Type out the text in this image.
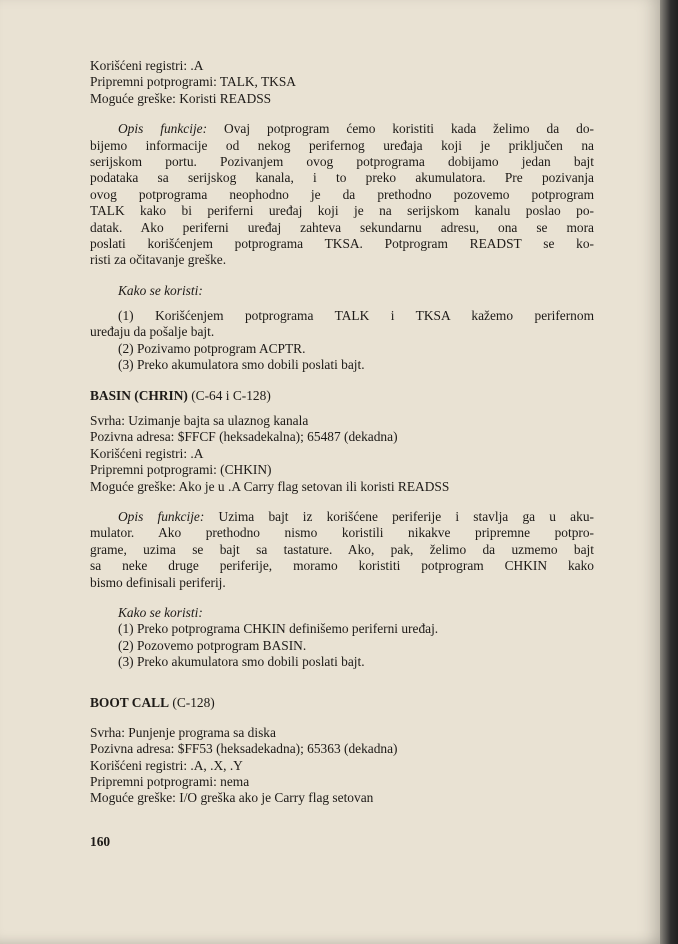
Korišćeni registri: .A
Pripremni potprogrami: TALK, TKSA
Moguće greške: Koristi READSS
Opis funkcije: Ovaj potprogram ćemo koristiti kada želimo da do-
bijemo informacije od nekog perifernog uređaja koji je priključen na
serijskom portu. Pozivanjem ovog potprograma dobijamo jedan bajt
podataka sa serijskog kanala, i to preko akumulatora. Pre pozivanja
ovog potprograma neophodno je da prethodno pozovemo potprogram
TALK kako bi periferni uređaj koji je na serijskom kanalu poslao po-
datak. Ako periferni uređaj zahteva sekundarnu adresu, ona se mora
poslati korišćenjem potprograma TKSA. Potprogram READST se ko-
risti za očitavanje greške.
Kako se koristi:
(1) Korišćenjem potprograma TALK i TKSA kažemo perifernom
uređaju da pošalje bajt.
(2) Pozivamo potprogram ACPTR.
(3) Preko akumulatora smo dobili poslati bajt.
BASIN (CHRIN) (C-64 i C-128)
Svrha: Uzimanje bajta sa ulaznog kanala
Pozivna adresa: $FFCF (heksadekalna); 65487 (dekadna)
Korišćeni registri: .A
Pripremni potprogrami: (CHKIN)
Moguće greške: Ako je u .A Carry flag setovan ili koristi READSS
Opis funkcije: Uzima bajt iz korišćene periferije i stavlja ga u aku-
mulator. Ako prethodno nismo koristili nikakve pripremne potpro-
grame, uzima se bajt sa tastature. Ako, pak, želimo da uzmemo bajt
sa neke druge periferije, moramo koristiti potprogram CHKIN kako
bismo definisali periferij.
Kako se koristi:
(1) Preko potprograma CHKIN definišemo periferni uređaj.
(2) Pozovemo potprogram BASIN.
(3) Preko akumulatora smo dobili poslati bajt.
BOOT CALL (C-128)
Svrha: Punjenje programa sa diska
Pozivna adresa: $FF53 (heksadekadna); 65363 (dekadna)
Korišćeni registri: .A, .X, .Y
Pripremni potprogrami: nema
Moguće greške: I/O greška ako je Carry flag setovan
160
